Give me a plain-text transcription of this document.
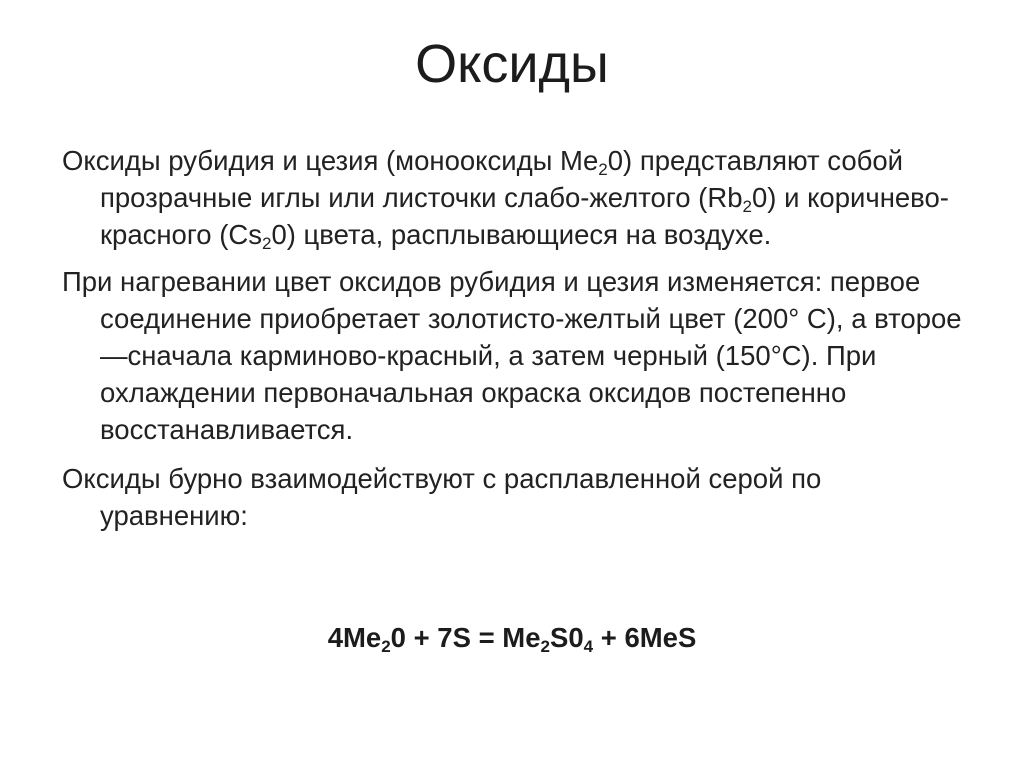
Оксиды

Оксиды рубидия и цезия (монооксиды $Me_20$) представляют собой прозрачные иглы или листочки слабо-желтого $(Rb_20)$ и коричнево-красного $(Cs_20)$ цвета, расплывающиеся на воздухе.

При нагревании цвет оксидов рубидия и цезия изменяется: первое соединение приобретает золотисто-желтый цвет (200° С), а второе—сначала карминово-красный, а затем черный (150°С). При охлаждении первоначальная окраска оксидов постепенно восстанавливается.

Оксиды бурно взаимодействуют с расплавленной серой по уравнению:

$4Me_20 + 7S = Me_2S0_4 + 6MeS$
